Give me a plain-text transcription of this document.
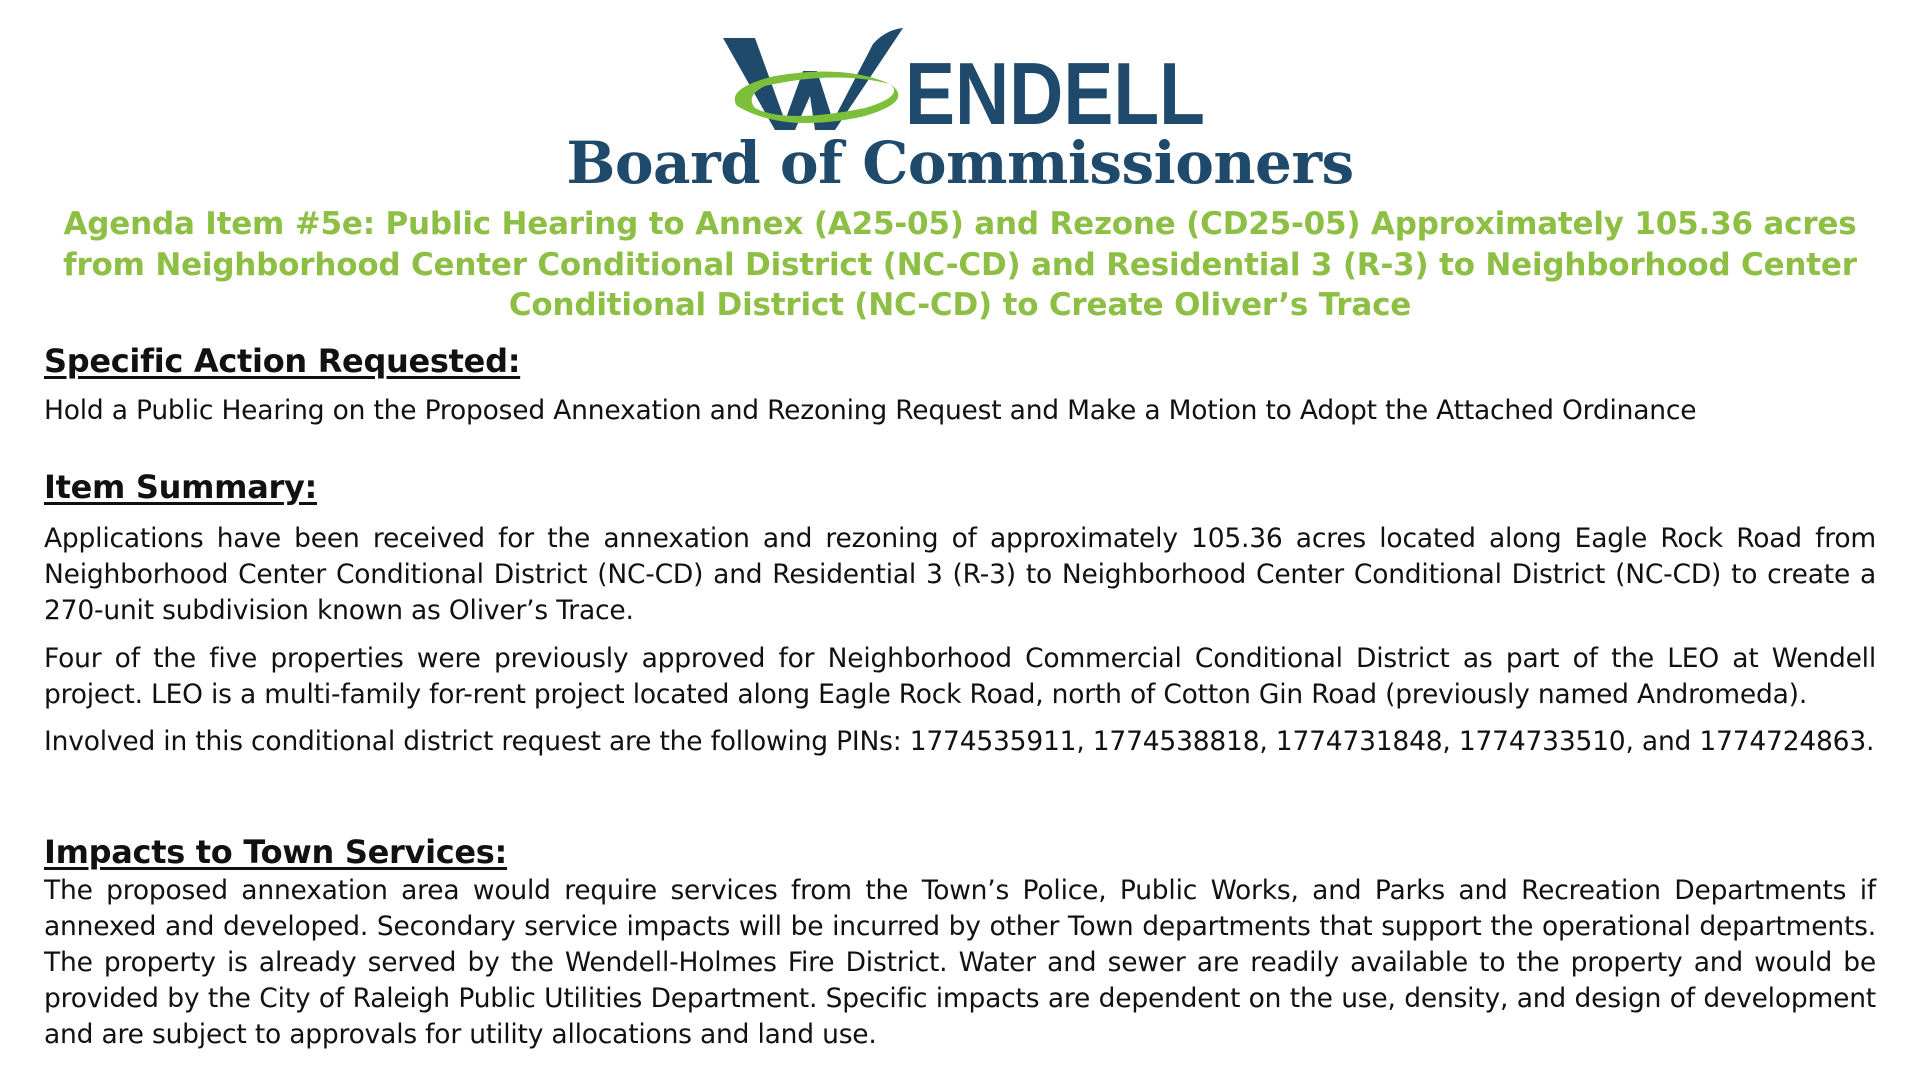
ENDELL
Board of Commissioners
Agenda Item #5e: Public Hearing to Annex (A25-05) and Rezone (CD25-05) Approximately 105.36 acres from Neighborhood Center Conditional District (NC-CD) and Residential 3 (R-3) to Neighborhood Center Conditional District (NC-CD) to Create Oliver’s Trace
Specific Action Requested:
Hold a Public Hearing on the Proposed Annexation and Rezoning Request and Make a Motion to Adopt the Attached Ordinance
Item Summary:
Applications have been received for the annexation and rezoning of approximately 105.36 acres located along Eagle Rock Road from Neighborhood Center Conditional District (NC-CD) and Residential 3 (R-3) to Neighborhood Center Conditional District (NC-CD) to create a 270-unit subdivision known as Oliver’s Trace.
Four of the five properties were previously approved for Neighborhood Commercial Conditional District as part of the LEO at Wendell project. LEO is a multi-family for-rent project located along Eagle Rock Road, north of Cotton Gin Road (previously named Andromeda).
Involved in this conditional district request are the following PINs: 1774535911, 1774538818, 1774731848, 1774733510, and 1774724863.
Impacts to Town Services:
The proposed annexation area would require services from the Town’s Police, Public Works, and Parks and Recreation Departments if annexed and developed. Secondary service impacts will be incurred by other Town departments that support the operational departments. The property is already served by the Wendell-Holmes Fire District. Water and sewer are readily available to the property and would be provided by the City of Raleigh Public Utilities Department. Specific impacts are dependent on the use, density, and design of development and are subject to approvals for utility allocations and land use.
